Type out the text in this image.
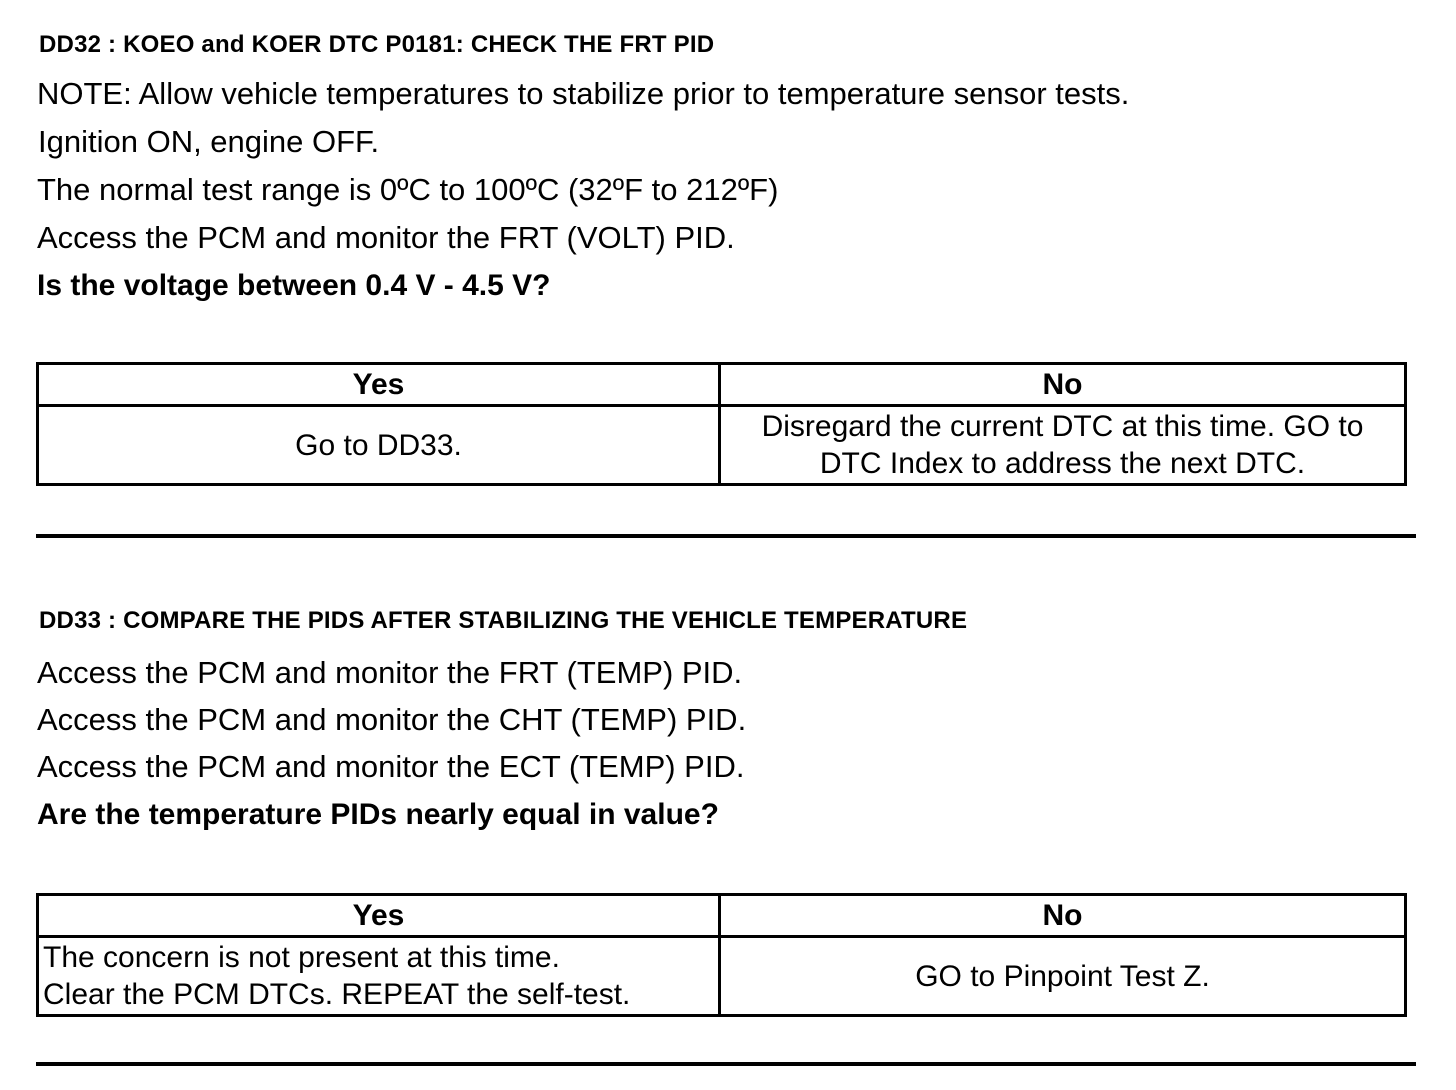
DD32 : KOEO and KOER DTC P0181: CHECK THE FRT PID
NOTE: Allow vehicle temperatures to stabilize prior to temperature sensor tests.
Ignition ON, engine OFF.
The normal test range is 0ºC to 100ºC (32ºF to 212ºF)
Access the PCM and monitor the FRT (VOLT) PID.
Is the voltage between 0.4 V - 4.5 V?
Yes	No

Go to DD33.	Disregard the current DTC at this time. GO to
DTC Index to address the next DTC.
DD33 : COMPARE THE PIDS AFTER STABILIZING THE VEHICLE TEMPERATURE
Access the PCM and monitor the FRT (TEMP) PID.
Access the PCM and monitor the CHT (TEMP) PID.
Access the PCM and monitor the ECT (TEMP) PID.
Are the temperature PIDs nearly equal in value?
Yes	No

The concern is not present at this time.
Clear the PCM DTCs. REPEAT the self-test.	GO to Pinpoint Test Z.
